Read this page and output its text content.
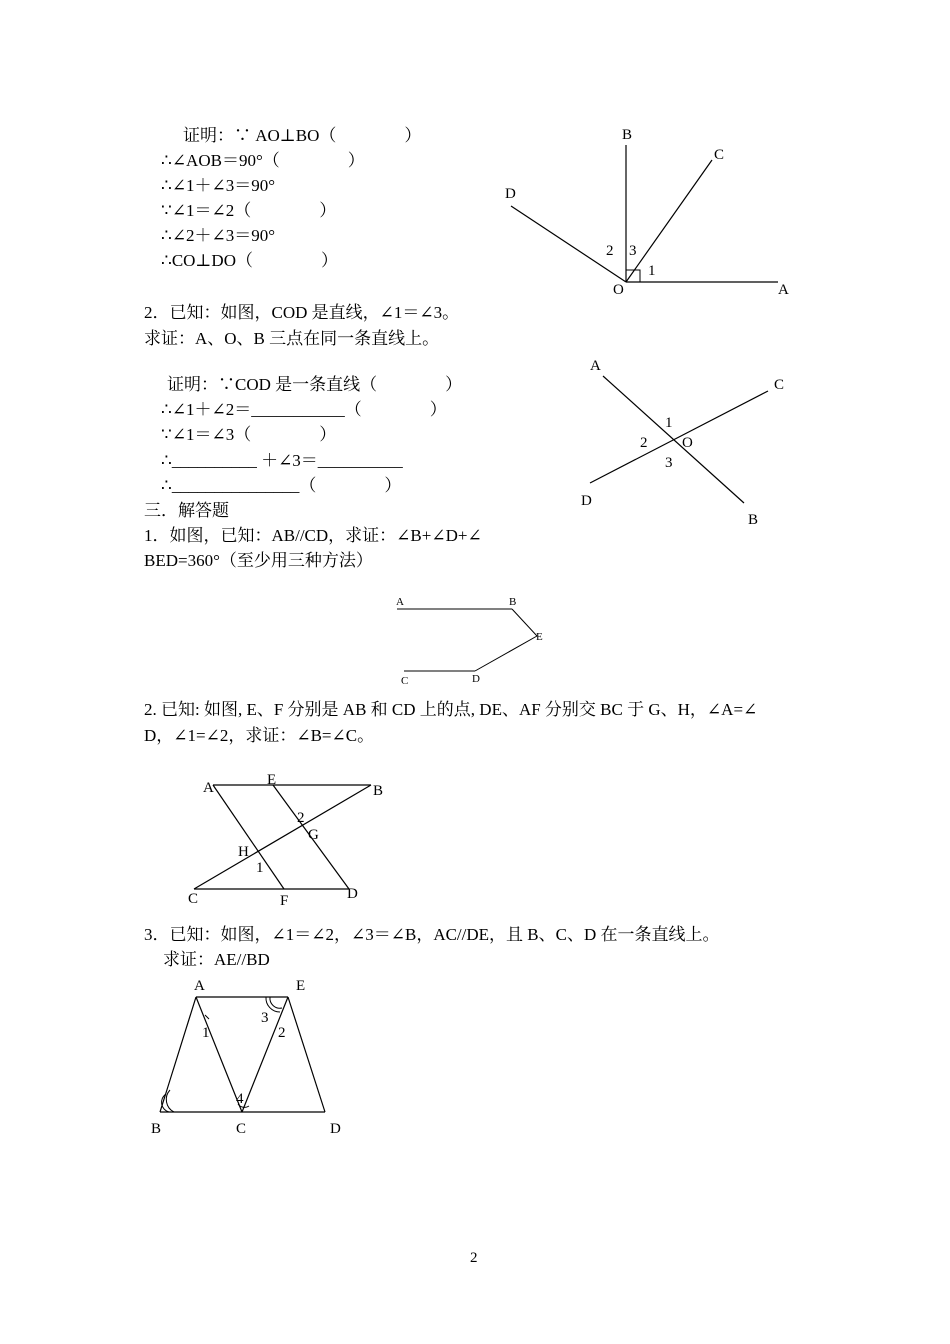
证明：∵ AO⊥BO（　　　　）
∴∠AOB＝90°（　　　　）
∴∠1＋∠3＝90°
∵∠1＝∠2（　　　　）
∴∠2＋∠3＝90°
∴CO⊥DO（　　　　）
B
C
D
2 3
1
O	A
2．已知：如图，COD 是直线，∠1＝∠3。
求证：A、O、B 三点在同一条直线上。
证明：∵COD 是一条直线（　　　　）
∴∠1＋∠2＝___________（　　　　）
∵∠1＝∠3（　　　　）
∴__________ ＋∠3＝__________
∴_______________（　　　　）
A
C
1
2 O
3
D
B
三．解答题
1．如图，已知：AB//CD，求证：∠B+∠D+∠
BED=360°（至少用三种方法）
A	B
E
C	D
2. 已知: 如图, E、F 分别是 AB 和 CD 上的点, DE、AF 分别交 BC 于 G、H，∠A=∠
D，∠1=∠2，求证：∠B=∠C。
A	E
B
2
G
H
1
C	F	D
3．已知：如图，∠1＝∠2，∠3＝∠B，AC//DE，且 B、C、D 在一条直线上。
求证：AE//BD
A	E
1
3
2
4
B	C	D
2
